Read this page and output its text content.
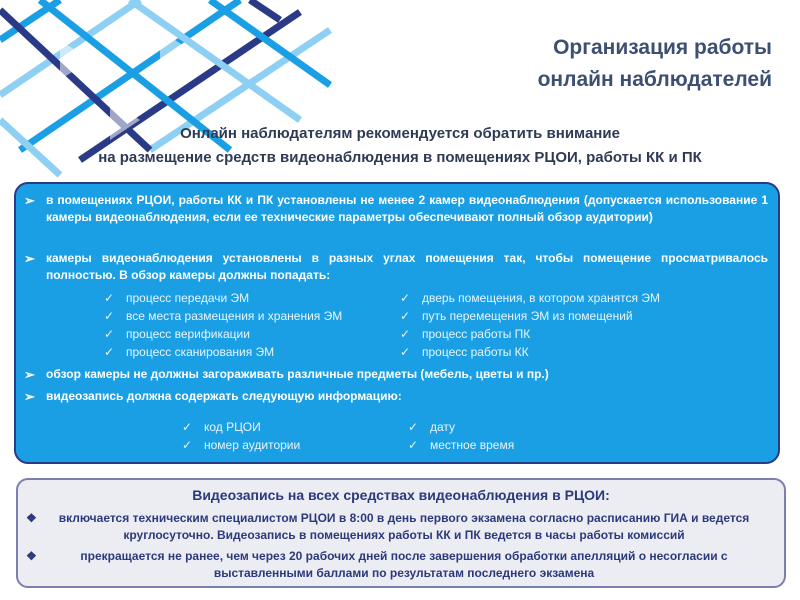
Организация работы
онлайн наблюдателей
Онлайн наблюдателям рекомендуется обратить внимание
на размещение средств видеонаблюдения в помещениях РЦОИ, работы КК и ПК
➢ в помещениях РЦОИ, работы КК и ПК установлены не менее 2 камер видеонаблюдения (допускается использование 1 камеры видеонаблюдения, если ее технические параметры обеспечивают полный обзор аудитории)
➢ камеры видеонаблюдения установлены в разных углах помещения так, чтобы помещение просматривалось полностью. В обзор камеры должны попадать:
✓ процесс передачи ЭМ
✓ все места размещения и хранения ЭМ
✓ процесс верификации
✓ процесс сканирования ЭМ
✓ дверь помещения, в котором хранятся ЭМ
✓ путь перемещения ЭМ из помещений
✓ процесс работы ПК
✓ процесс работы КК
➢ обзор камеры не должны загораживать различные предметы (мебель, цветы и пр.)
➢ видеозапись должна содержать следующую информацию:
✓ код РЦОИ
✓ номер аудитории
✓ дату
✓ местное время
Видеозапись на всех средствах видеонаблюдения в РЦОИ:
❖ включается техническим специалистом РЦОИ в 8:00 в день первого экзамена согласно расписанию ГИА и ведется круглосуточно. Видеозапись в помещениях работы КК и ПК ведется в часы работы комиссий
❖	прекращается не ранее, чем через 20 рабочих дней после завершения обработки апелляций о несогласии с выставленными баллами по результатам последнего экзамена
